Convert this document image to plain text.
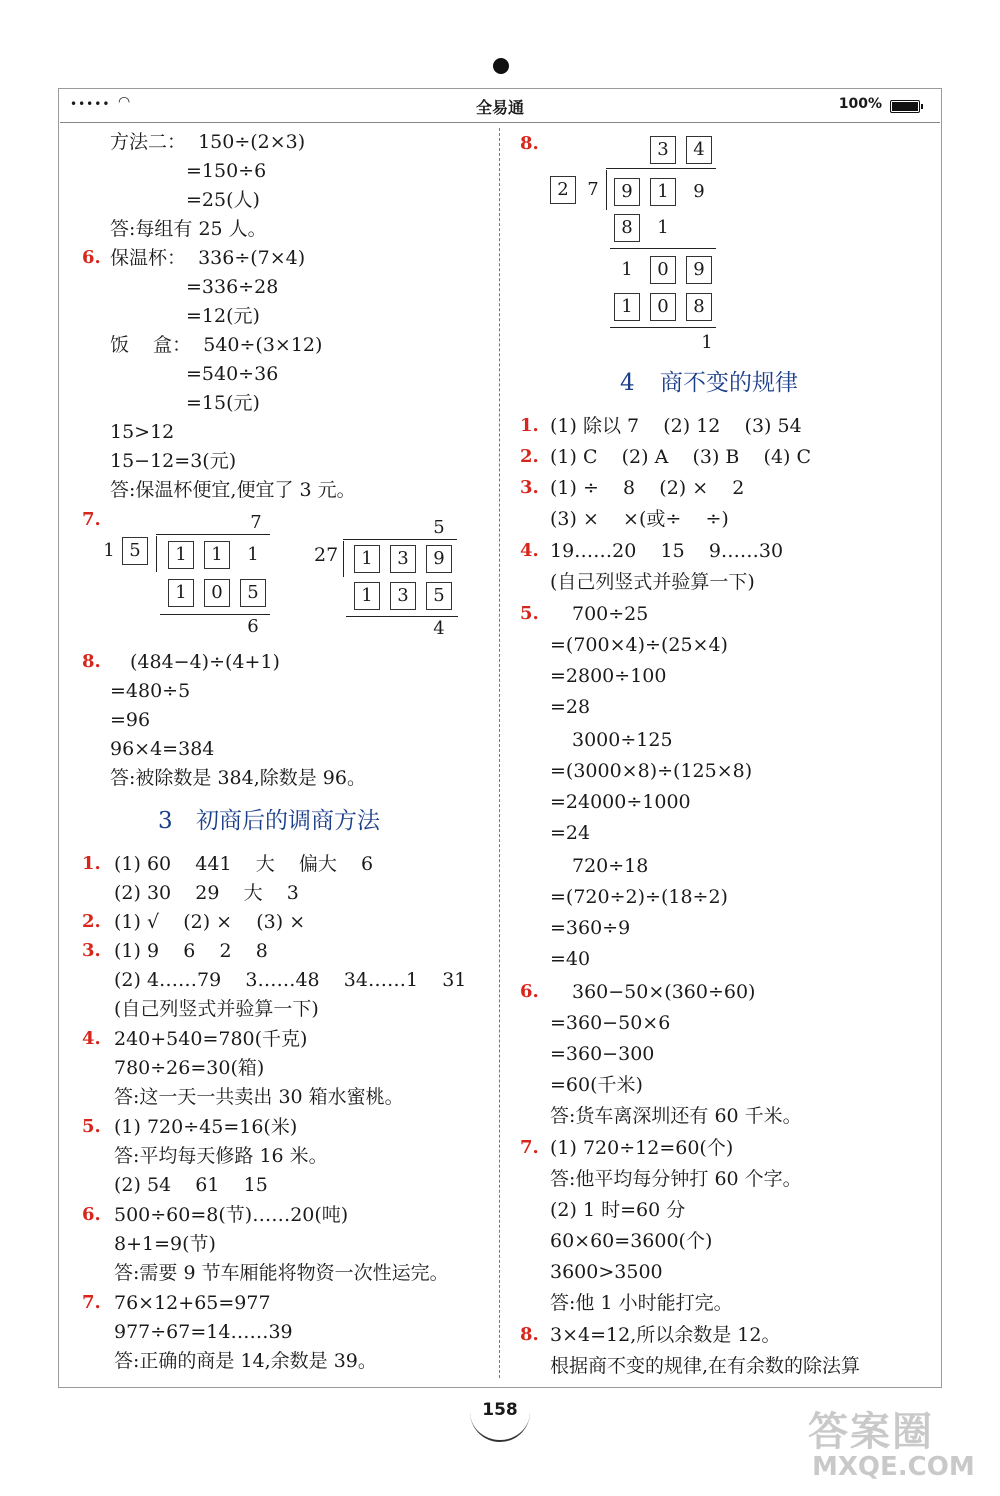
••••• ◠	全易通	100%
方法二：  150÷(2×3)
=150÷6
=25(人)
答:每组有 25 人。
6. 保温杯：  336÷(7×4)
=336÷28
=12(元)
饭    盒：  540÷(3×12)
=540÷36
=15(元)
15>12
15−12=3(元)
答:保温杯便宜,便宜了 3 元。
7.	7
1 5	1	1	1
1	0	5
6
5
27	1	3	9
1	3	5
4
8. (484−4)÷(4+1)
=480÷5
=96
96×4=384
答:被除数是 384,除数是 96。
3 初商后的调商方法
1. (1) 60    441    大    偏大    6
(2) 30    29    大    3
2. (1) √    (2) ×    (3) ×
3. (1) 9    6    2    8
(2) 4……79    3……48    34……1    31
(自己列竖式并验算一下)
4. 240+540=780(千克)
780÷26=30(箱)
答:这一天一共卖出 30 箱水蜜桃。
5. (1) 720÷45=16(米)
答:平均每天修路 16 米。
(2) 54    61    15
6. 500÷60=8(节)……20(吨)
8+1=9(节)
答:需要 9 节车厢能将物资一次性运完。
7. 76×12+65=977
977÷67=14……39
答:正确的商是 14,余数是 39。
8.	3	4
2	7	9	1	9
8	1
1	0	9
1	0	8
1
4 商不变的规律
1. (1) 除以 7    (2) 12    (3) 54
2. (1) C    (2) A    (3) B    (4) C
3. (1) ÷    8    (2) ×    2
(3) ×    ×(或÷    ÷)
4. 19……20    15    9……30
(自己列竖式并验算一下)
5. 700÷25
=(700×4)÷(25×4)
=2800÷100
=28
3000÷125
=(3000×8)÷(125×8)
=24000÷1000
=24
720÷18
=(720÷2)÷(18÷2)
=360÷9
=40
6. 360−50×(360÷60)
=360−50×6
=360−300
=60(千米)
答:货车离深圳还有 60 千米。
7. (1) 720÷12=60(个)
答:他平均每分钟打 60 个字。
(2) 1 时=60 分
60×60=3600(个)
3600>3500
答:他 1 小时能打完。
8. 3×4=12,所以余数是 12。
根据商不变的规律,在有余数的除法算
158	答案圈
MXQE.COM
